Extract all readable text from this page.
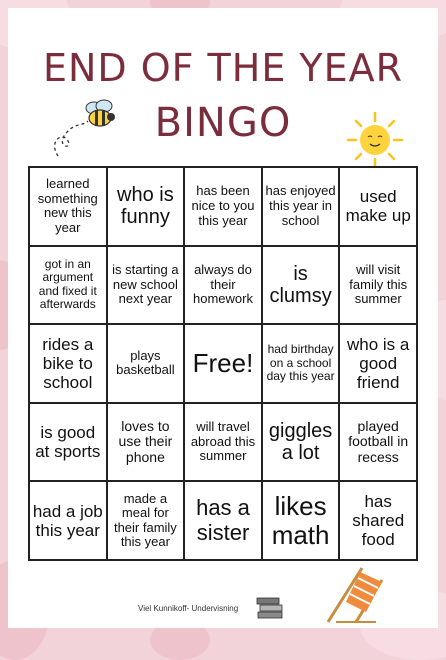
END OF THE YEAR
BINGO
learned something new this year
who is funny
has been nice to you this year
has enjoyed this year in school
used make up
got in an argument and fixed it afterwards
is starting a new school next year
always do their homework
is clumsy
will visit family this summer
rides a bike to school
plays basketball Free!	had birthday on a school day this year
who is a good friend
is good at sports
loves to use their phone
will travel abroad this summer
giggles a lot
played football in recess
had a job this year
made a meal for their family this year
has a sister
likes math
has shared food
Viel Kunnikoff- Undervisning
